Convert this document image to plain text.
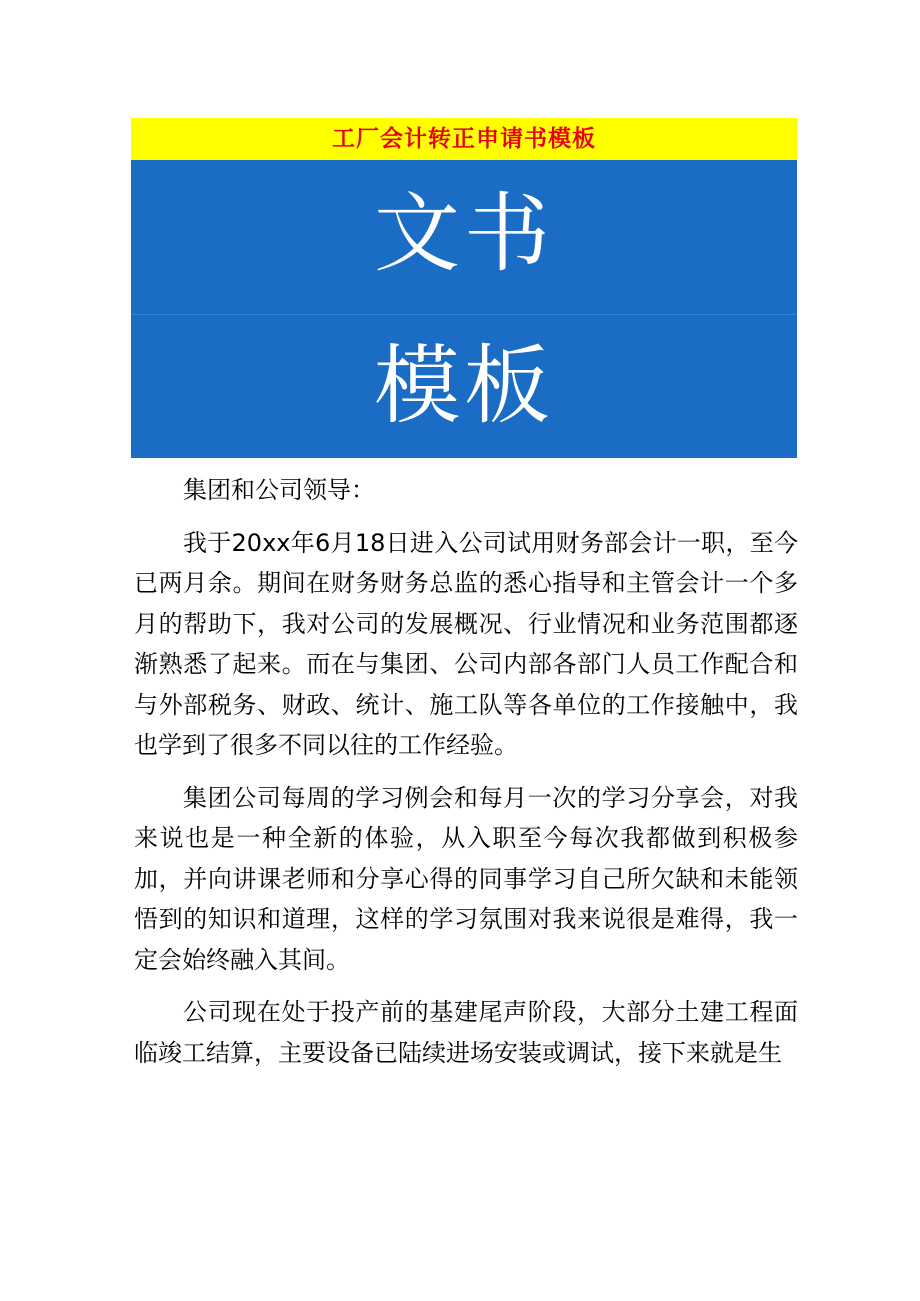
工厂会计转正申请书模板
文书
模板

集团和公司领导：

我于20xx年6月18日进入公司试用财务部会计一职，至今已两月余。期间在财务财务总监的悉心指导和主管会计一个多月的帮助下，我对公司的发展概况、行业情况和业务范围都逐渐熟悉了起来。而在与集团、公司内部各部门人员工作配合和与外部税务、财政、统计、施工队等各单位的工作接触中，我也学到了很多不同以往的工作经验。

集团公司每周的学习例会和每月一次的学习分享会，对我来说也是一种全新的体验，从入职至今每次我都做到积极参加，并向讲课老师和分享心得的同事学习自己所欠缺和未能领悟到的知识和道理，这样的学习氛围对我来说很是难得，我一定会始终融入其间。

公司现在处于投产前的基建尾声阶段，大部分土建工程面临竣工结算，主要设备已陆续进场安装或调试，接下来就是生
